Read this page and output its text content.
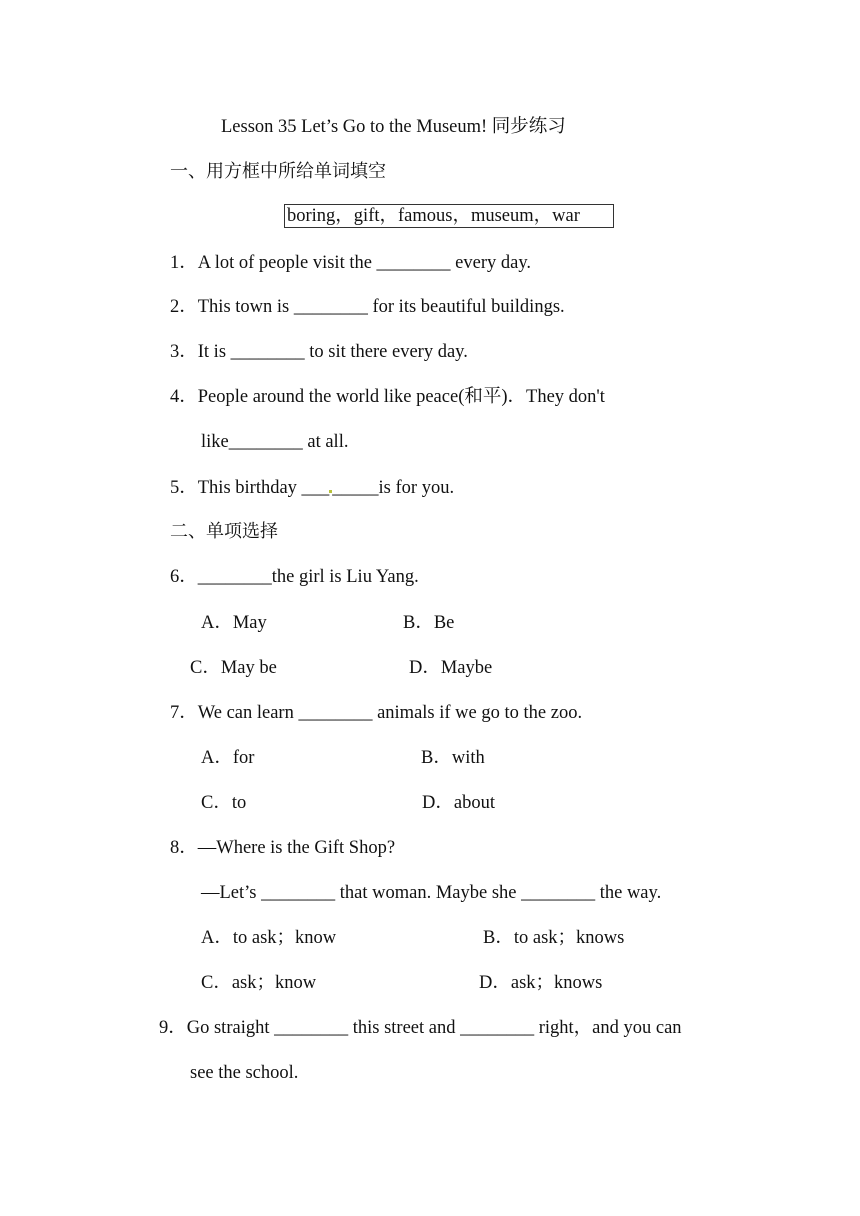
Lesson 35 Let’s Go to the Museum! 同步练习
一、用方框中所给单词填空
boring，gift，famous，museum，war
1．A lot of people visit the ________ every day.
2．This town is ________ for its beautiful buildings.
3．It is ________ to sit there every day.
4．People around the world like peace(和平)．They don't
like________ at all.
5．This birthday ___ _____is for you.
二、单项选择
6．________the girl is Liu Yang.
A．May	B．Be
C．May be	D．Maybe
7．We can learn ________ animals if we go to the zoo.
A．for	B．with
C．to	D．about
8．—Where is the Gift Shop?
—Let’s ________ that woman. Maybe she ________ the way.
A．to ask；know	B．to ask；knows
C．ask；know	D．ask；knows
9．Go straight ________ this street and ________ right，and you can
see the school.
